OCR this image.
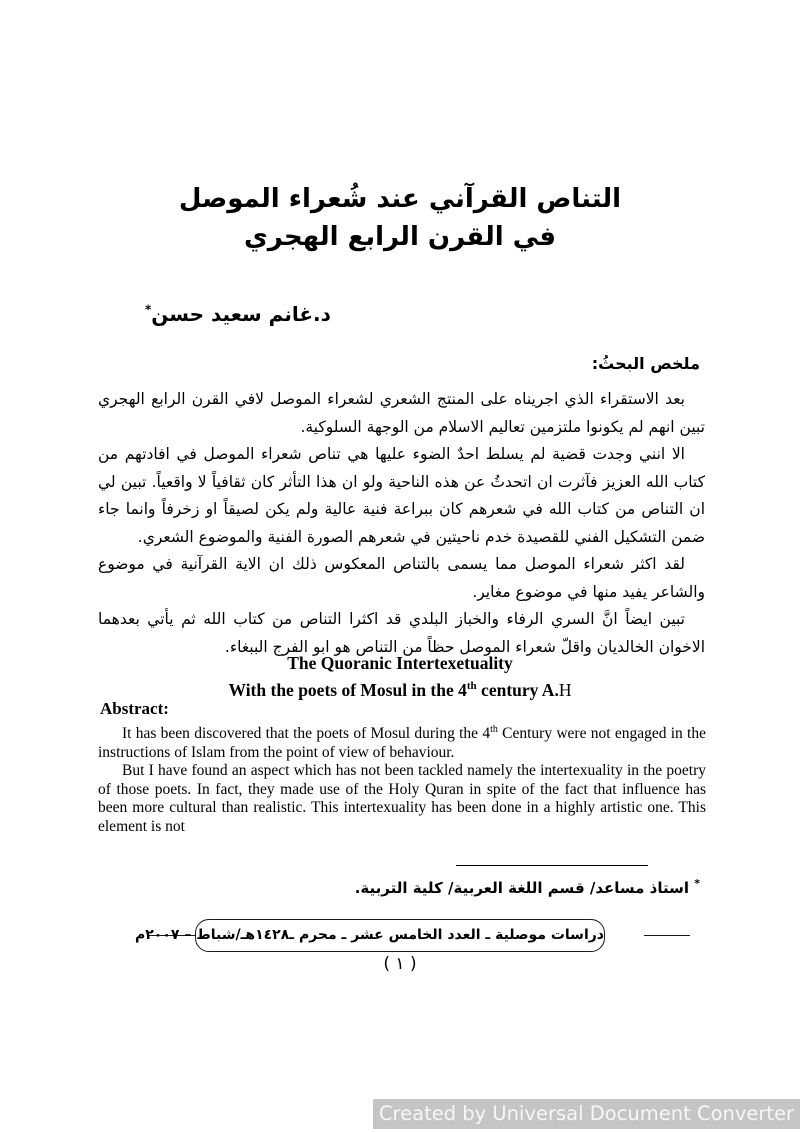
التناص القرآني عند شُعراء الموصل
في القرن الرابع الهجري
د.غانم سعيد حسن*
ملخص البحثُ:

بعد الاستقراء الذي اجريناه على المنتج الشعري لشعراء الموصل لافي القرن الرابع الهجري تبين انهم لم يكونوا ملتزمين تعاليم الاسلام من الوجهة السلوكية.

الا انني وجدت قضية لم يسلط احدٌ الضوء عليها هي تناص شعراء الموصل في افادتهم من كتاب الله العزيز فآثرت ان اتحدثُ عن هذه الناحية ولو ان هذا التأثر كان ثقافياً لا واقعياً. تبين لي ان التناص من كتاب الله في شعرهم كان ببراعة فنية عالية ولم يكن لصيقاً او زخرفاً وانما جاء ضمن التشكيل الفني للقصيدة خدم ناحيتين في شعرهم الصورة الفنية والموضوع الشعري.

لقد اكثر شعراء الموصل مما يسمى بالتناص المعكوس ذلك ان الاية القرآنية في موضوع والشاعر يفيد منها في موضوع مغاير.

تبين ايضاً انَّ السري الرفاء والخباز البلدي قد اكثرا التناص من كتاب الله ثم يأتي بعدهما الاخوان الخالديان واقلّ شعراء الموصل حظاً من التناص هو ابو الفرج الببغاء.

The Quoranic Intertexetuality
With the poets of Mosul in the 4th century A.H
Abstract:

It has been discovered that the poets of Mosul during the 4th Century were not engaged in the instructions of Islam from the point of view of behaviour.

But I have found an aspect which has not been tackled namely the intertexuality in the poetry of those poets. In fact, they made use of the Holy Quran in spite of the fact that influence has been more cultural than realistic. This intertexuality has been done in a highly artistic one. This element is not

* استاذ مساعد/ قسم اللغة العربية/ كلية التربية.
دراسات موصلية ـ العدد الخامس عشر ـ محرم ـ١٤٢٨هـ/شباط – ٢٠٠٧م
( ١ )
Created by Universal Document Converter
